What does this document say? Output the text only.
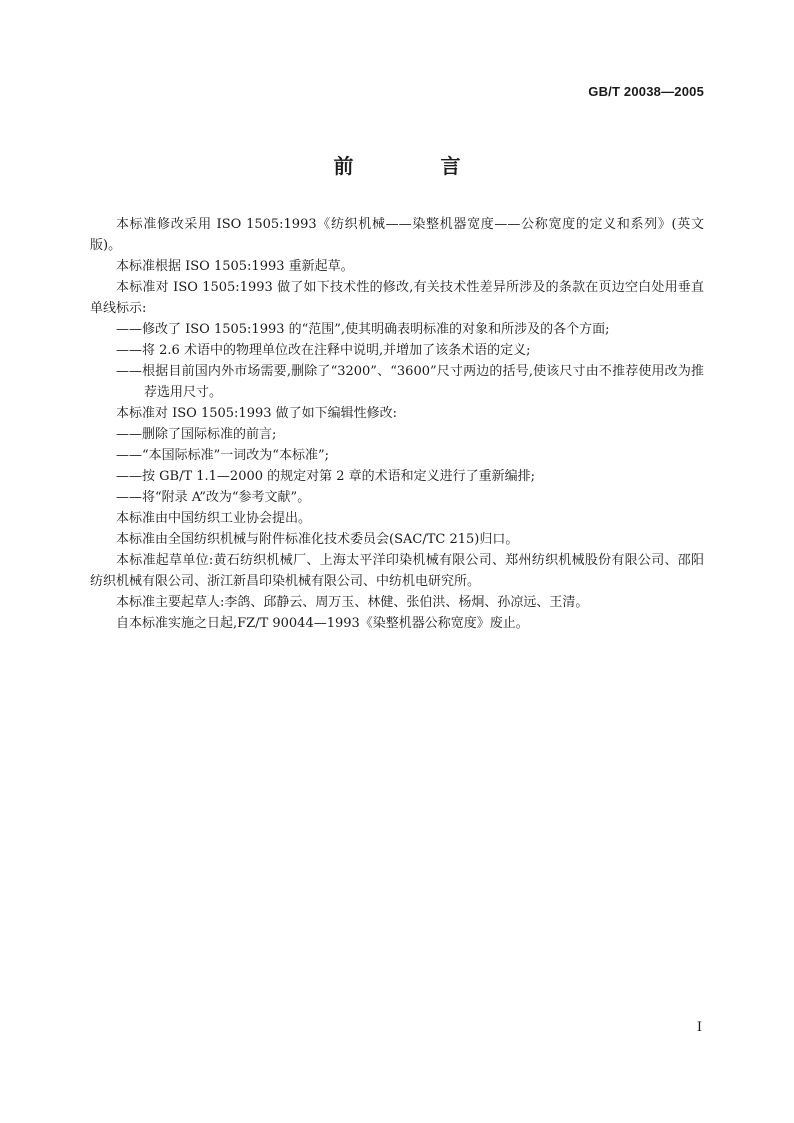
GB/T 20038—2005
前 言

本标准修改采用 ISO 1505:1993《纺织机械——染整机器宽度——公称宽度的定义和系列》(英文版)。

本标准根据 ISO 1505:1993 重新起草。

本标准对 ISO 1505:1993 做了如下技术性的修改,有关技术性差异所涉及的条款在页边空白处用垂直单线标示:

——修改了 ISO 1505:1993 的“范围”,使其明确表明标准的对象和所涉及的各个方面;

——将 2.6 术语中的物理单位改在注释中说明,并增加了该条术语的定义;

——根据目前国内外市场需要,删除了“3200”、“3600”尺寸两边的括号,使该尺寸由不推荐使用改为推荐选用尺寸。

本标准对 ISO 1505:1993 做了如下编辑性修改:

——删除了国际标准的前言;

——“本国际标准”一词改为“本标准”;

——按 GB/T 1.1—2000 的规定对第 2 章的术语和定义进行了重新编排;

——将“附录 A”改为“参考文献”。

本标准由中国纺织工业协会提出。

本标准由全国纺织机械与附件标准化技术委员会(SAC/TC 215)归口。

本标准起草单位:黄石纺织机械厂、上海太平洋印染机械有限公司、郑州纺织机械股份有限公司、邵阳纺织机械有限公司、浙江新昌印染机械有限公司、中纺机电研究所。

本标准主要起草人:李鸽、邱静云、周万玉、林健、张伯洪、杨炯、孙凉远、王清。

自本标准实施之日起,FZ/T 90044—1993《染整机器公称宽度》废止。

I
